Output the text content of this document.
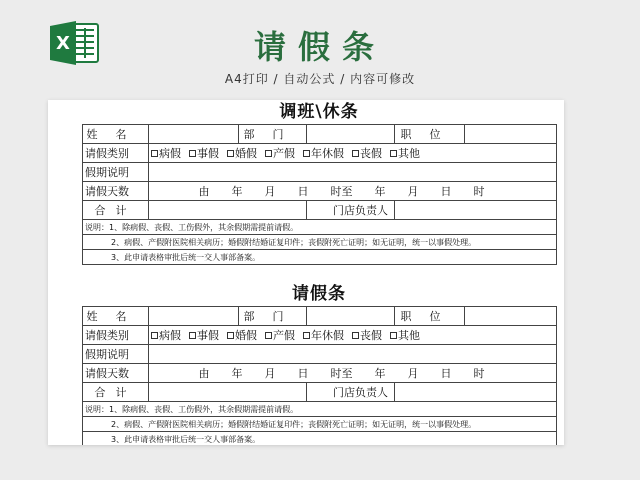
X	请假条
A4打印 / 自动公式 / 内容可修改
调班\休条
姓名		部门		职位	
请假类别	病假 事假 婚假 产假 年休假 丧假 其他				
假期说明					
请假天数	由 年 月 日 时至 年 月 日 时				
合计			门店负责人		
说明：1、除病假、丧假、工伤假外，其余假期需提前请假。					
2、病假、产假附医院相关病历；婚假附结婚证复印件；丧假附死亡证明；如无证明，统一以事假处理。					
3、此申请表格审批后统一交人事部备案。					
请假条
姓名		部门		职位	
请假类别	病假 事假 婚假 产假 年休假 丧假 其他				
假期说明					
请假天数	由 年 月 日 时至 年 月 日 时				
合计			门店负责人		
说明：1、除病假、丧假、工伤假外，其余假期需提前请假。					
2、病假、产假附医院相关病历；婚假附结婚证复印件；丧假附死亡证明；如无证明，统一以事假处理。					
3、此申请表格审批后统一交人事部备案。					
